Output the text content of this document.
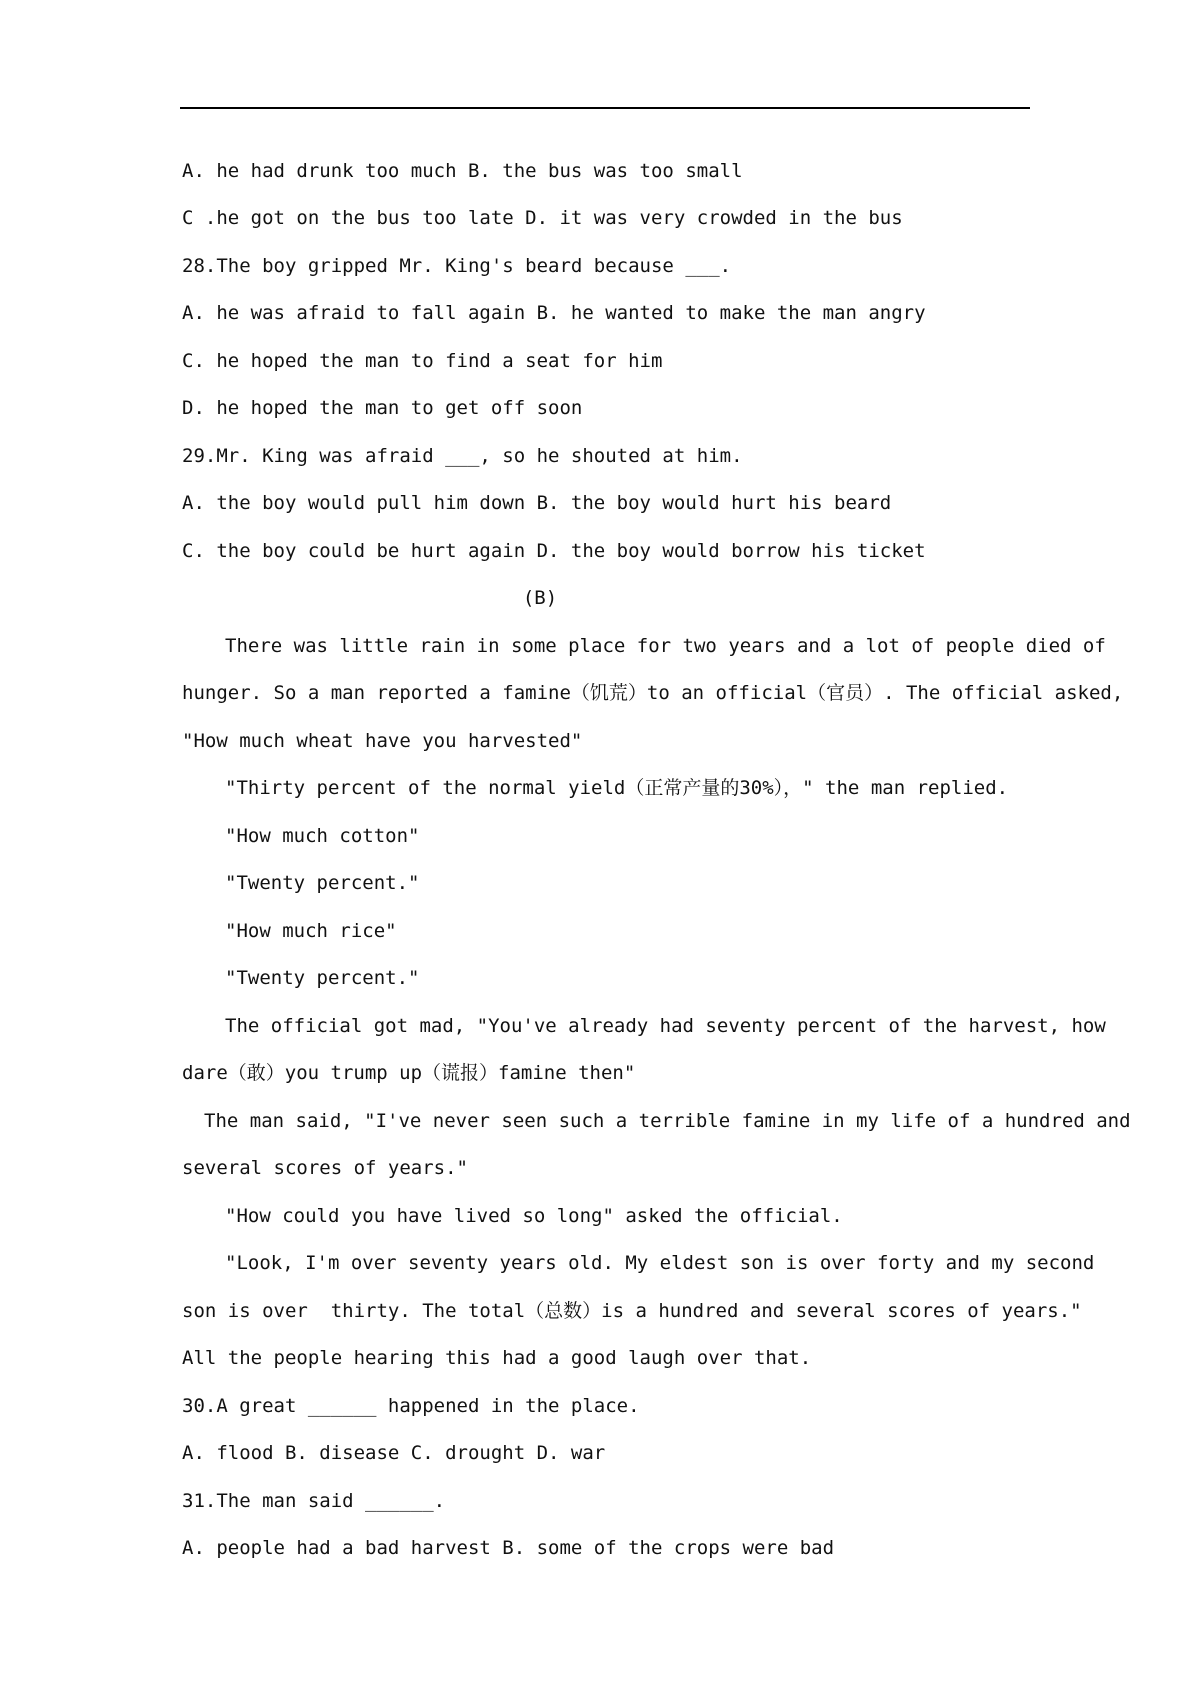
A. he had drunk too much B. the bus was too small
C .he got on the bus too late D. it was very crowded in the bus
28.The boy gripped Mr. King's beard because ___.
A. he was afraid to fall again B. he wanted to make the man angry
C. he hoped the man to find a seat for him
D. he hoped the man to get off soon
29.Mr. King was afraid ___, so he shouted at him.
A. the boy would pull him down B. the boy would hurt his beard
C. the boy could be hurt again D. the boy would borrow his ticket
(B)
There was little rain in some place for two years and a lot of people died of
hunger. So a man reported a famine（饥荒）to an official（官员）. The official asked,
"How much wheat have you harvested"
"Thirty percent of the normal yield（正常产量的30%），" the man replied.
"How much cotton"
"Twenty percent."
"How much rice"
"Twenty percent."
The official got mad, "You've already had seventy percent of the harvest, how
dare（敢）you trump up（谎报）famine then"
The man said, "I've never seen such a terrible famine in my life of a hundred and
several scores of years."
"How could you have lived so long" asked the official.
"Look, I'm over seventy years old. My eldest son is over forty and my second
son is over  thirty. The total（总数）is a hundred and several scores of years."
All the people hearing this had a good laugh over that.
30.A great ______ happened in the place.
A. flood B. disease C. drought D. war
31.The man said ______.
A. people had a bad harvest B. some of the crops were bad
